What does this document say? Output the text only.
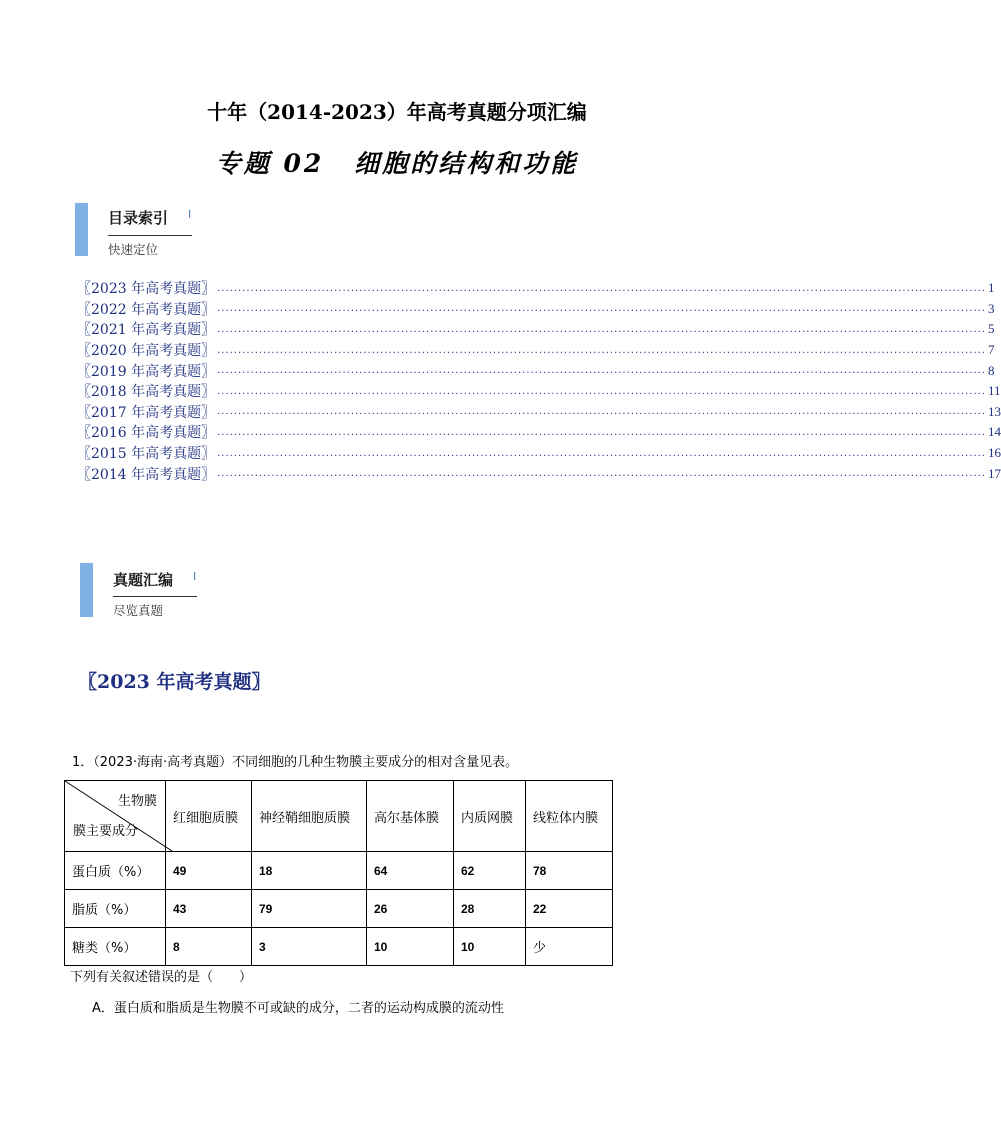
十年（2014-2023）年高考真题分项汇编
专题 02 细胞的结构和功能
目录索引 I
快速定位
〖2023 年高考真题〗 ........................................................................................................................................................................................ 1
〖2022 年高考真题〗 ........................................................................................................................................................................................ 3
〖2021 年高考真题〗 ........................................................................................................................................................................................ 5
〖2020 年高考真题〗 ........................................................................................................................................................................................ 7
〖2019 年高考真题〗 ........................................................................................................................................................................................ 8
〖2018 年高考真题〗 ........................................................................................................................................................................................ 11
〖2017 年高考真题〗 ........................................................................................................................................................................................ 13
〖2016 年高考真题〗 ........................................................................................................................................................................................ 14
〖2015 年高考真题〗 ........................................................................................................................................................................................ 16
〖2014 年高考真题〗 ........................................................................................................................................................................................ 17
真题汇编 I
尽览真题
〖2023 年高考真题〗
1．（2023·海南·高考真题）不同细胞的几种生物膜主要成分的相对含量见表。
生物膜
膜主要成分	红细胞质膜	神经鞘细胞质膜	高尔基体膜	内质网膜	线粒体内膜
蛋白质（%）	49	18	64	62	78
脂质（%）	43	79	26	28	22
糖类（%）	8	3	10	10	少
下列有关叙述错误的是（　　）
A．蛋白质和脂质是生物膜不可或缺的成分，二者的运动构成膜的流动性
